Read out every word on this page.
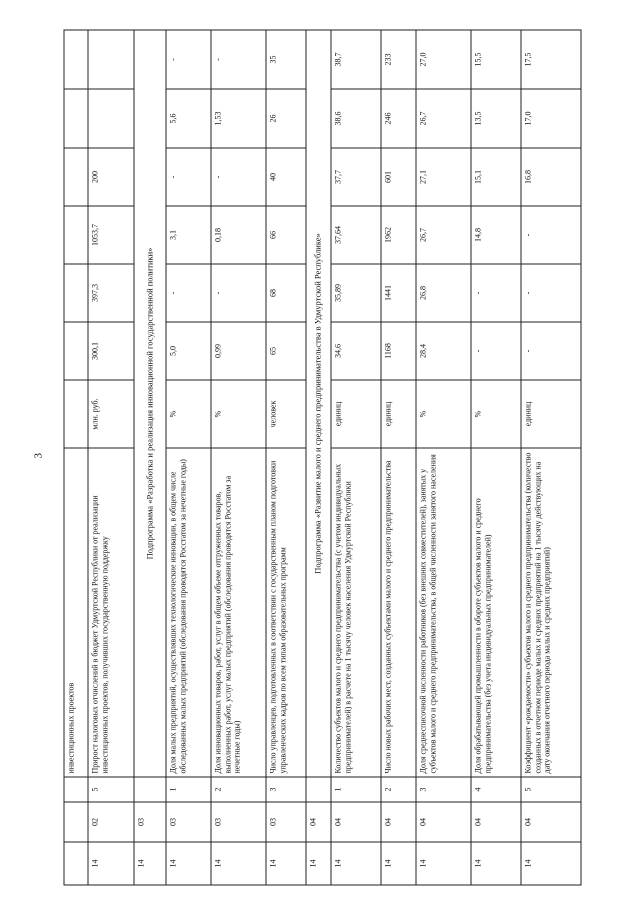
3
			инвестиционных проектов							
14	02	5	Прирост налоговых отчислений в бюджет Удмуртской Республики от реализации инвестиционных проектов, получивших государственную поддержку	млн. руб.	300,1	397,3	1053,7	200		
14	03		Подпрограмма «Разработка и реализация инновационной государственной политики»							
14	03	1	Доля малых предприятий, осуществлявших технологические инновации, в общем числе обследованных малых предприятий (обследования проводятся Росстатом за нечетные годы)	%	5,0	-	3,1	-	5,6	-
14	03	2	Доля инновационных товаров, работ, услуг в общем объеме отгруженных товаров, выполненных работ, услуг малых предприятий (обследования проводятся Росстатом за нечетные годы)	%	0,99	-	0,18	-	1,53	-
14	03	3	Число управленцев, подготовленных в соответствии с государственным планом подготовки управленческих кадров по всем типам образовательных программ	человек	65	68	66	40	26	35
14	04		Подпрограмма «Развитие малого и среднего предпринимательства в Удмуртской Республике»							
14	04	1	Количество субъектов малого и среднего предпринимательства (с учетом индивидуальных предпринимателей) в расчете на 1 тысячу человек населения Удмуртской Республики	единиц	34,6	35,89	37,64	37,7	38,6	38,7
14	04	2	Число новых рабочих мест, созданных субъектами малого и среднего предпринимательства	единиц	1168	1441	1962	601	246	233
14	04	3	Доля среднесписочной численности работников (без внешних совместителей), занятых у субъектов малого и среднего предпринимательства, в общей численности занятого населения	%	28,4	26,8	26,7	27,1	26,7	27,0
14	04	4	Доля обрабатывающей промышленности в обороте субъектов малого и среднего предпринимательства (без учета индивидуальных предпринимателей)	%	-	-	14,8	15,1	13,5	15,5
14	04	5	Коэффициент «рождаемости» субъектов малого и среднего предпринимательства (количество созданных в отчетном периоде малых и средних предприятий на 1 тысячу действующих на дату окончания отчетного периода малых и средних предприятий)	единиц	-	-	-	16,8	17,0	17,5
